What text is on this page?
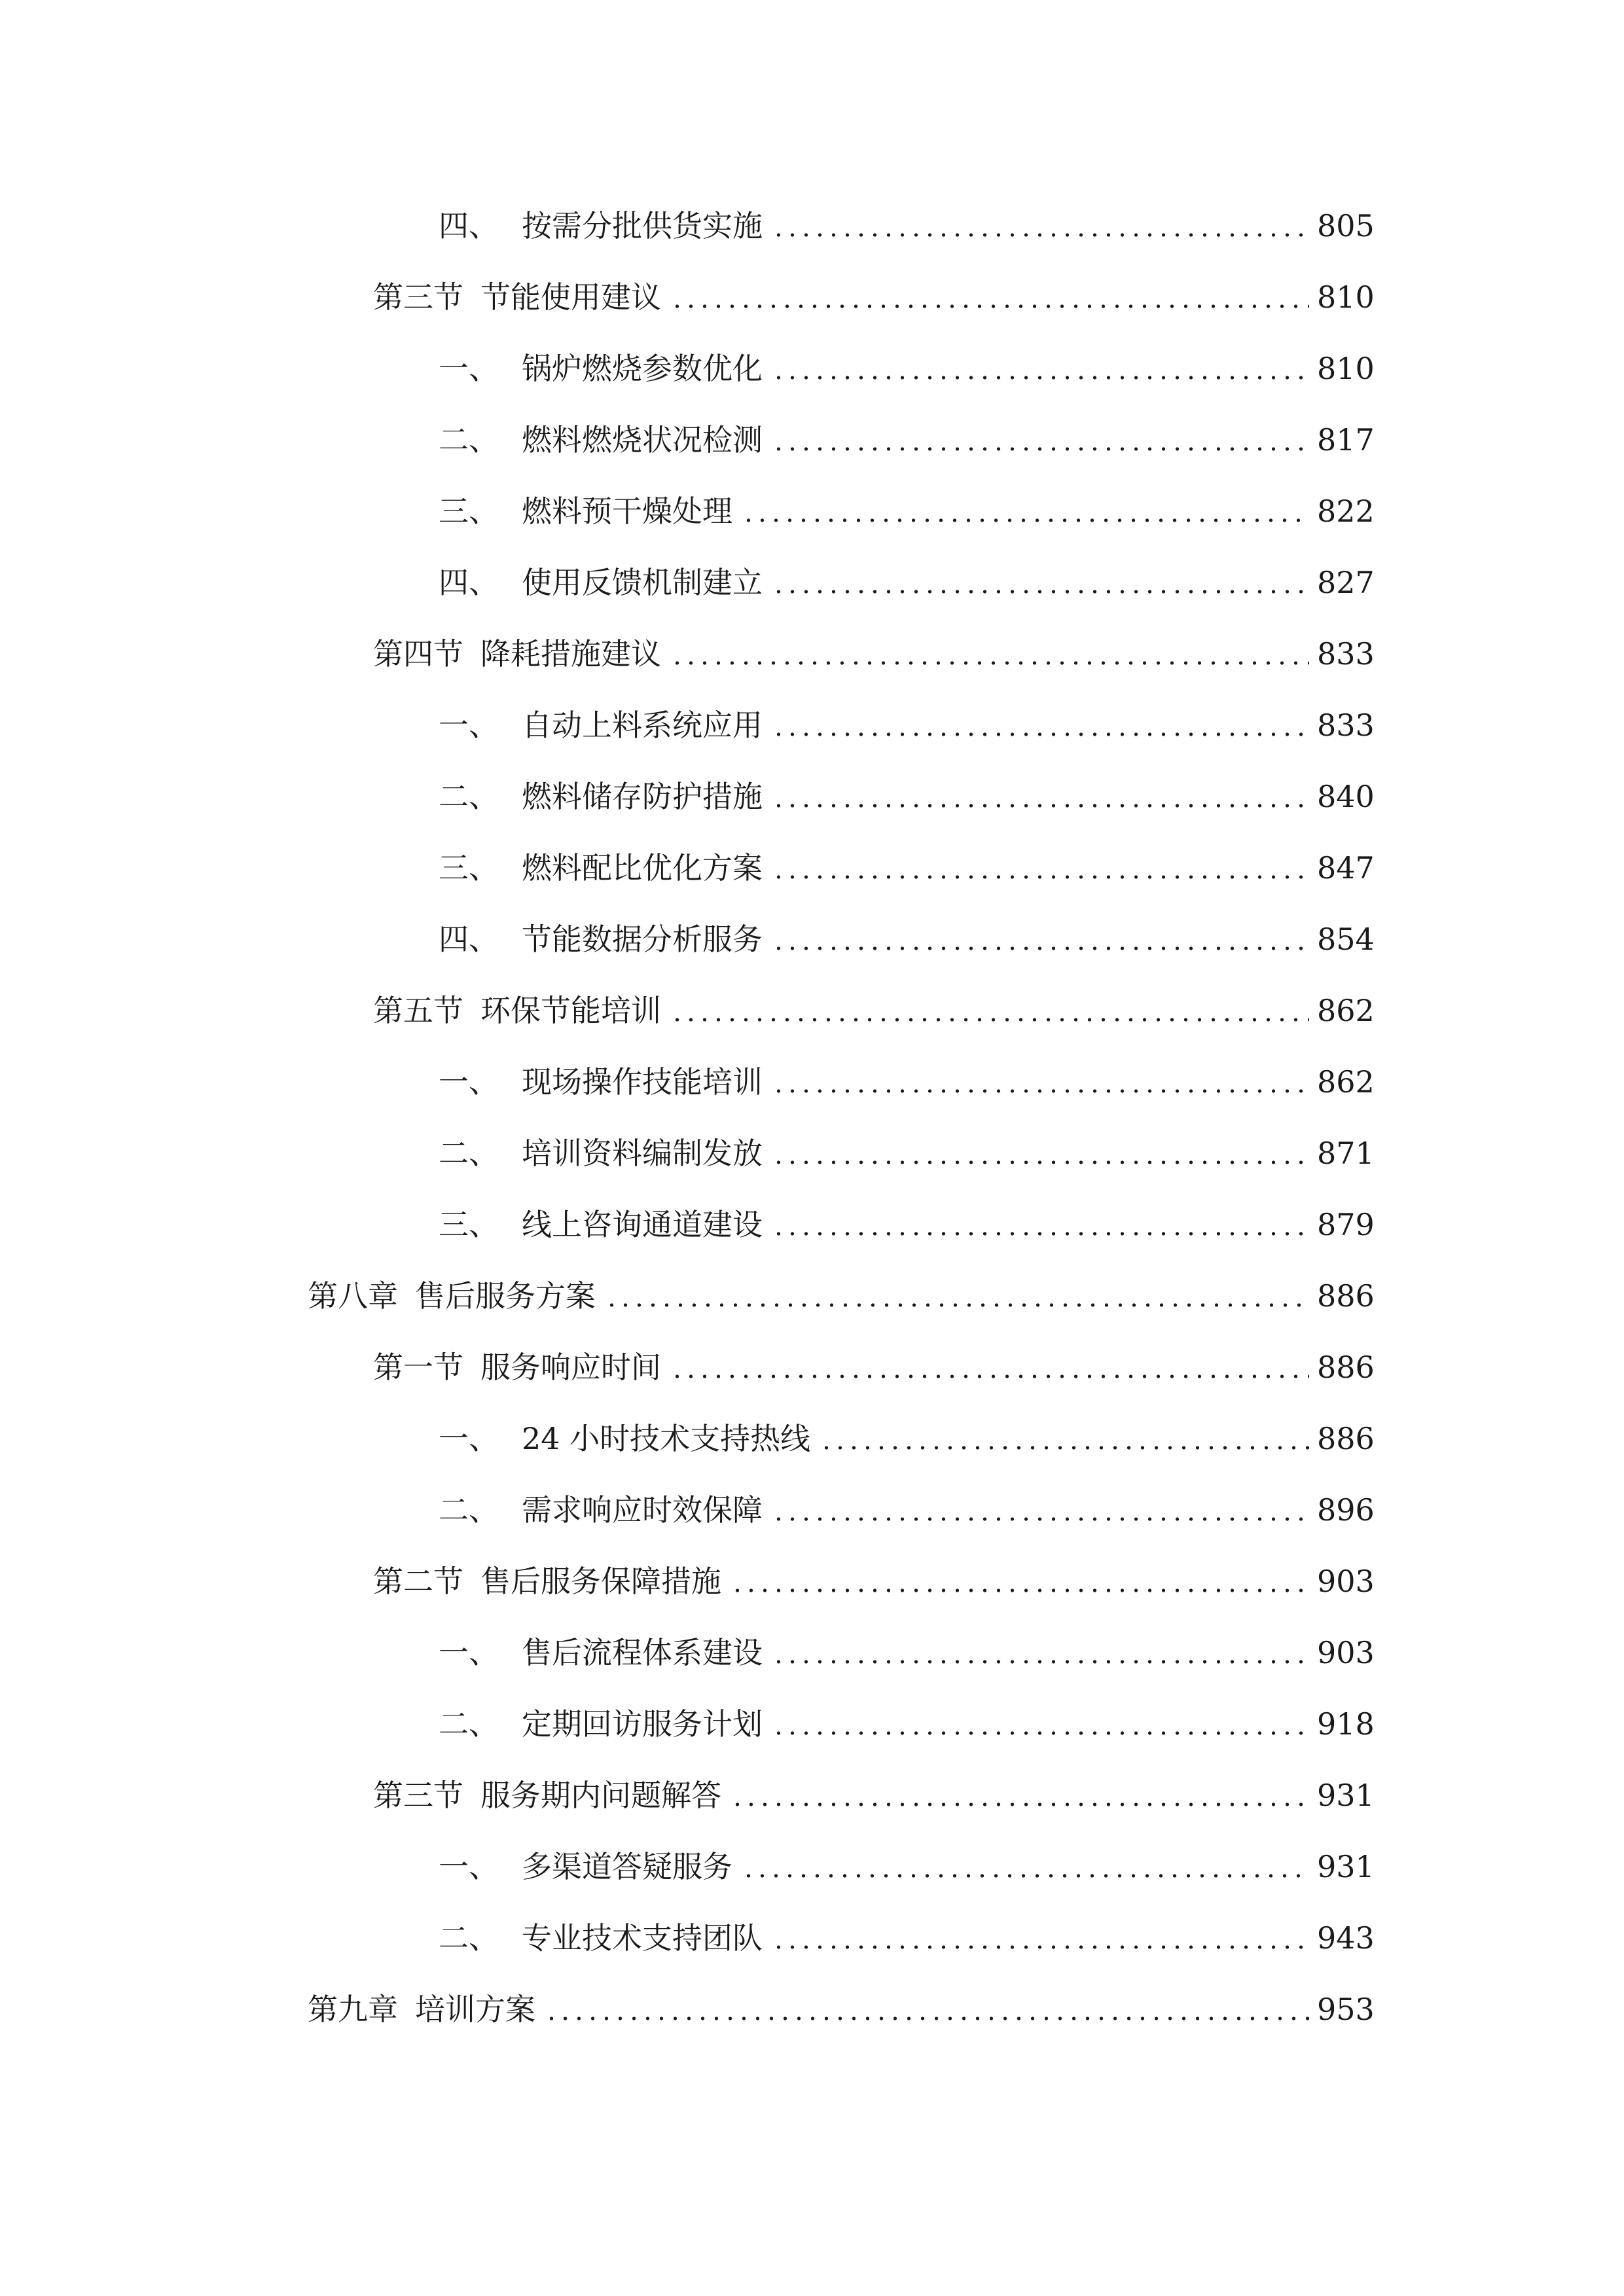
四、 按需分批供货实施	805
第三节 节能使用建议	810
一、 锅炉燃烧参数优化	810
二、 燃料燃烧状况检测	817
三、 燃料预干燥处理	822
四、 使用反馈机制建立	827
第四节 降耗措施建议	833
一、 自动上料系统应用	833
二、 燃料储存防护措施	840
三、 燃料配比优化方案	847
四、 节能数据分析服务	854
第五节 环保节能培训	862
一、 现场操作技能培训	862
二、 培训资料编制发放	871
三、 线上咨询通道建设	879
第八章 售后服务方案	886
第一节 服务响应时间	886
一、 24 小时技术支持热线	886
二、 需求响应时效保障	896
第二节 售后服务保障措施	903
一、 售后流程体系建设	903
二、 定期回访服务计划	918
第三节 服务期内问题解答	931
一、 多渠道答疑服务	931
二、 专业技术支持团队	943
第九章 培训方案	953
